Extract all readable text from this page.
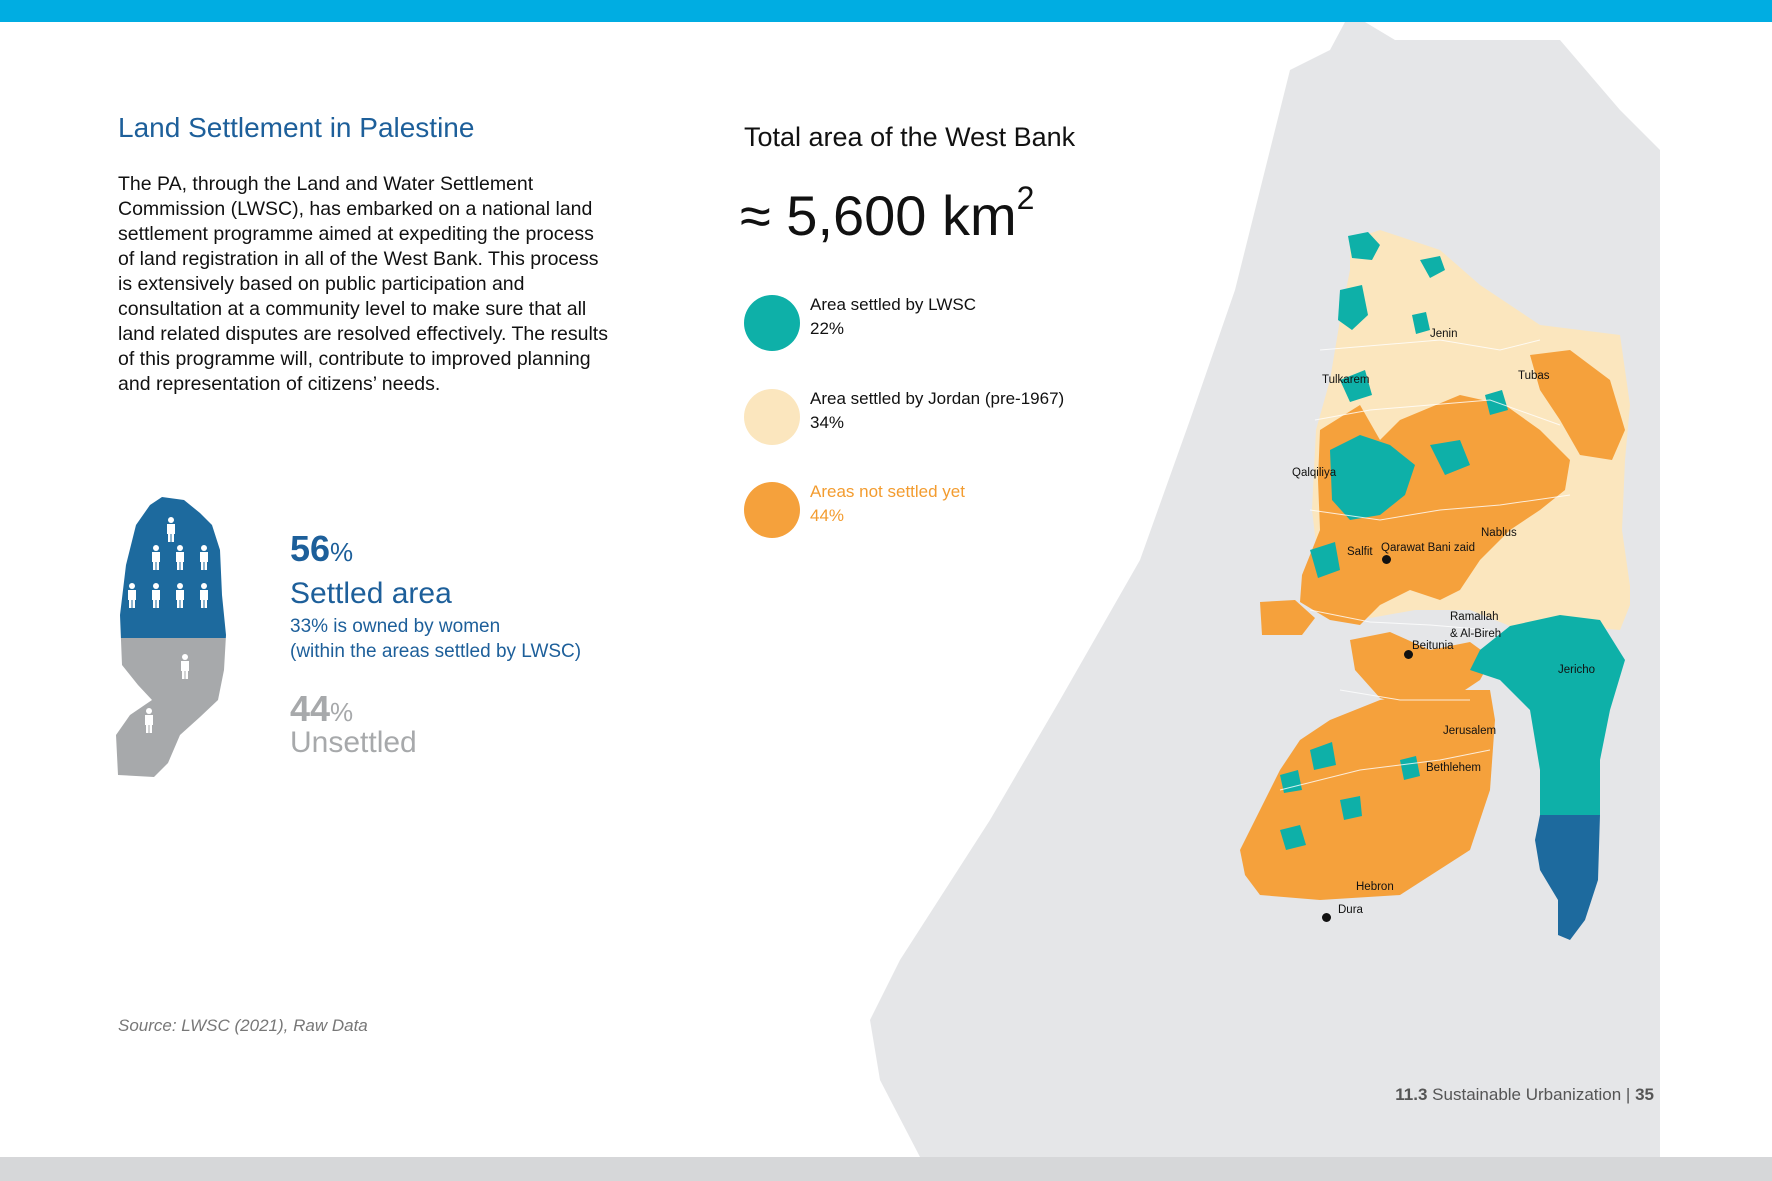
Land Settlement in Palestine

The PA, through the Land and Water Settlement Commission (LWSC), has embarked on a national land settlement programme aimed at expediting the process of land registration in all of the West Bank. This process is extensively based on public participation and consultation at a community level to make sure that all land related disputes are resolved effectively. The results of this programme will, contribute to improved planning and representation of citizens’ needs.

Total area of the West Bank
≈ 5,600 $km^2$
Area settled by LWSC
22%
Area settled by Jordan (pre-1967)
34%
Areas not settled yet
44%
56%
Settled area
33% is owned by women
(within the areas settled by LWSC)
44%
Unsettled
Jenin
Tubas
Tulkarem
Qalqiliya
Nablus
Salfit Qarawat Bani zaid
Ramallah
& Al-Bireh
Beitunia
Jericho
Jerusalem
Bethlehem
Hebron
Dura
Source: LWSC (2021), Raw Data
11.3 Sustainable Urbanization | 35
